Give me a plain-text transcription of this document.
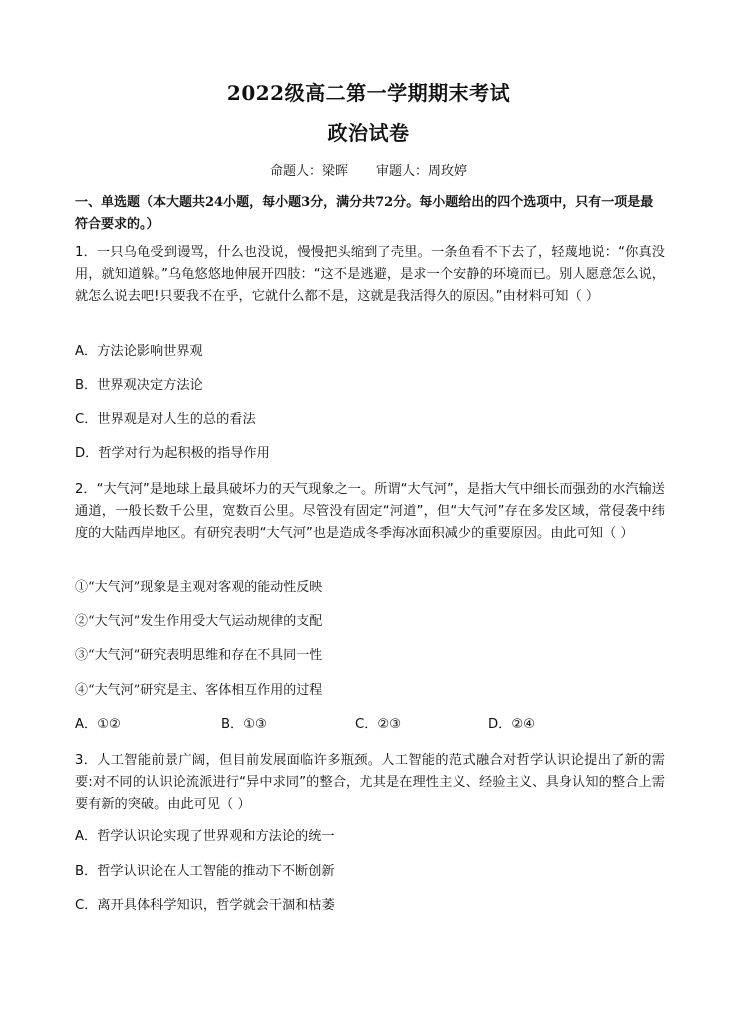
2022级高二第一学期期末考试
政治试卷
命题人：梁晖 审题人：周玫婷
一、单选题（本大题共24小题，每小题3分，满分共72分。每小题给出的四个选项中，只有一项是最符合要求的。）
1．一只乌龟受到谩骂，什么也没说，慢慢把头缩到了壳里。一条鱼看不下去了，轻蔑地说：“你真没用，就知道躲。”乌龟悠悠地伸展开四肢：“这不是逃避，是求一个安静的环境而已。别人愿意怎么说，就怎么说去吧!只要我不在乎，它就什么都不是，这就是我活得久的原因。”由材料可知（ ）
A．方法论影响世界观
B．世界观决定方法论
C．世界观是对人生的总的看法
D．哲学对行为起积极的指导作用
2．“大气河”是地球上最具破坏力的天气现象之一。所谓“大气河”，是指大气中细长而强劲的水汽输送通道，一般长数千公里，宽数百公里。尽管没有固定“河道”，但“大气河”存在多发区域，常侵袭中纬度的大陆西岸地区。有研究表明“大气河”也是造成冬季海冰面积减少的重要原因。由此可知（ ）
①“大气河”现象是主观对客观的能动性反映
②“大气河”发生作用受大气运动规律的支配
③“大气河”研究表明思维和存在不具同一性
④“大气河”研究是主、客体相互作用的过程
A．①②	B．①③	C．②③	D．②④
3．人工智能前景广阔，但目前发展面临许多瓶颈。人工智能的范式融合对哲学认识论提出了新的需要:对不同的认识论流派进行“异中求同”的整合，尤其是在理性主义、经验主义、具身认知的整合上需要有新的突破。由此可见（ ）
A．哲学认识论实现了世界观和方法论的统一
B．哲学认识论在人工智能的推动下不断创新
C．离开具体科学知识，哲学就会干涸和枯萎
